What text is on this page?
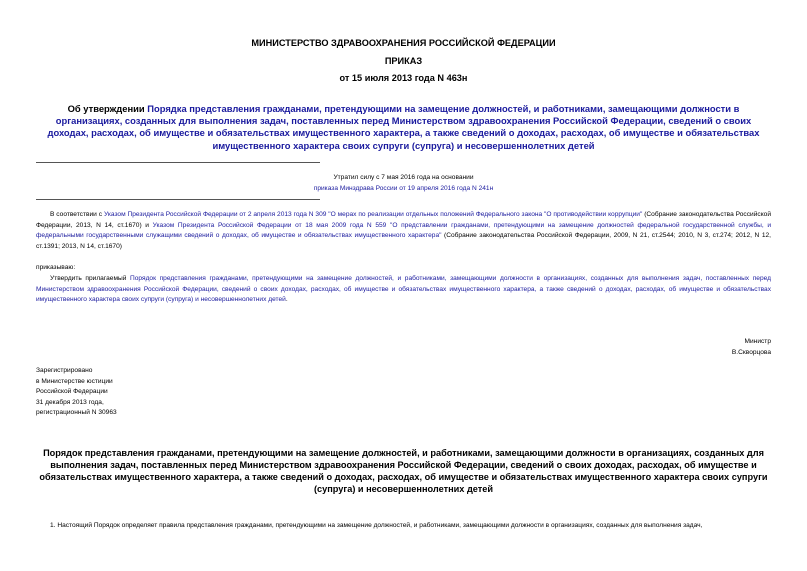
МИНИСТЕРСТВО ЗДРАВООХРАНЕНИЯ РОССИЙСКОЙ ФЕДЕРАЦИИ
ПРИКАЗ
от 15 июля 2013 года N 463н
Об утверждении Порядка представления гражданами, претендующими на замещение должностей, и работниками, замещающими должности в организациях, созданных для выполнения задач, поставленных перед Министерством здравоохранения Российской Федерации, сведений о своих доходах, расходах, об имуществе и обязательствах имущественного характера, а также сведений о доходах, расходах, об имуществе и обязательствах имущественного характера своих супруги (супруга) и несовершеннолетних детей
Утратил силу с 7 мая 2016 года на основании
приказа Минздрава России от 19 апреля 2016 года N 241н
В соответствии с Указом Президента Российской Федерации от 2 апреля 2013 года N 309 "О мерах по реализации отдельных положений Федерального закона "О противодействии коррупции" (Собрание законодательства Российской Федерации, 2013, N 14, ст.1670) и Указом Президента Российской Федерации от 18 мая 2009 года N 559 "О представлении гражданами, претендующими на замещение должностей федеральной государственной службы, и федеральными государственными служащими сведений о доходах, об имуществе и обязательствах имущественного характера" (Собрание законодательства Российской Федерации, 2009, N 21, ст.2544; 2010, N 3, ст.274; 2012, N 12, ст.1391; 2013, N 14, ст.1670)
приказываю:
Утвердить прилагаемый Порядок представления гражданами, претендующими на замещение должностей, и работниками, замещающими должности в организациях, созданных для выполнения задач, поставленных перед Министерством здравоохранения Российской Федерации, сведений о своих доходах, расходах, об имуществе и обязательствах имущественного характера, а также сведений о доходах, расходах, об имуществе и обязательствах имущественного характера своих супруги (супруга) и несовершеннолетних детей.
Министр
В.Скворцова
Зарегистрировано
в Министерстве юстиции
Российской Федерации
31 декабря 2013 года,
регистрационный N 30963
Порядок представления гражданами, претендующими на замещение должностей, и работниками, замещающими должности в организациях, созданных для выполнения задач, поставленных перед Министерством здравоохранения Российской Федерации, сведений о своих доходах, расходах, об имуществе и обязательствах имущественного характера, а также сведений о доходах, расходах, об имуществе и обязательствах имущественного характера своих супруги (супруга) и несовершеннолетних детей
1. Настоящий Порядок определяет правила представления гражданами, претендующими на замещение должностей, и работниками, замещающими должности в организациях, созданных для выполнения задач,
